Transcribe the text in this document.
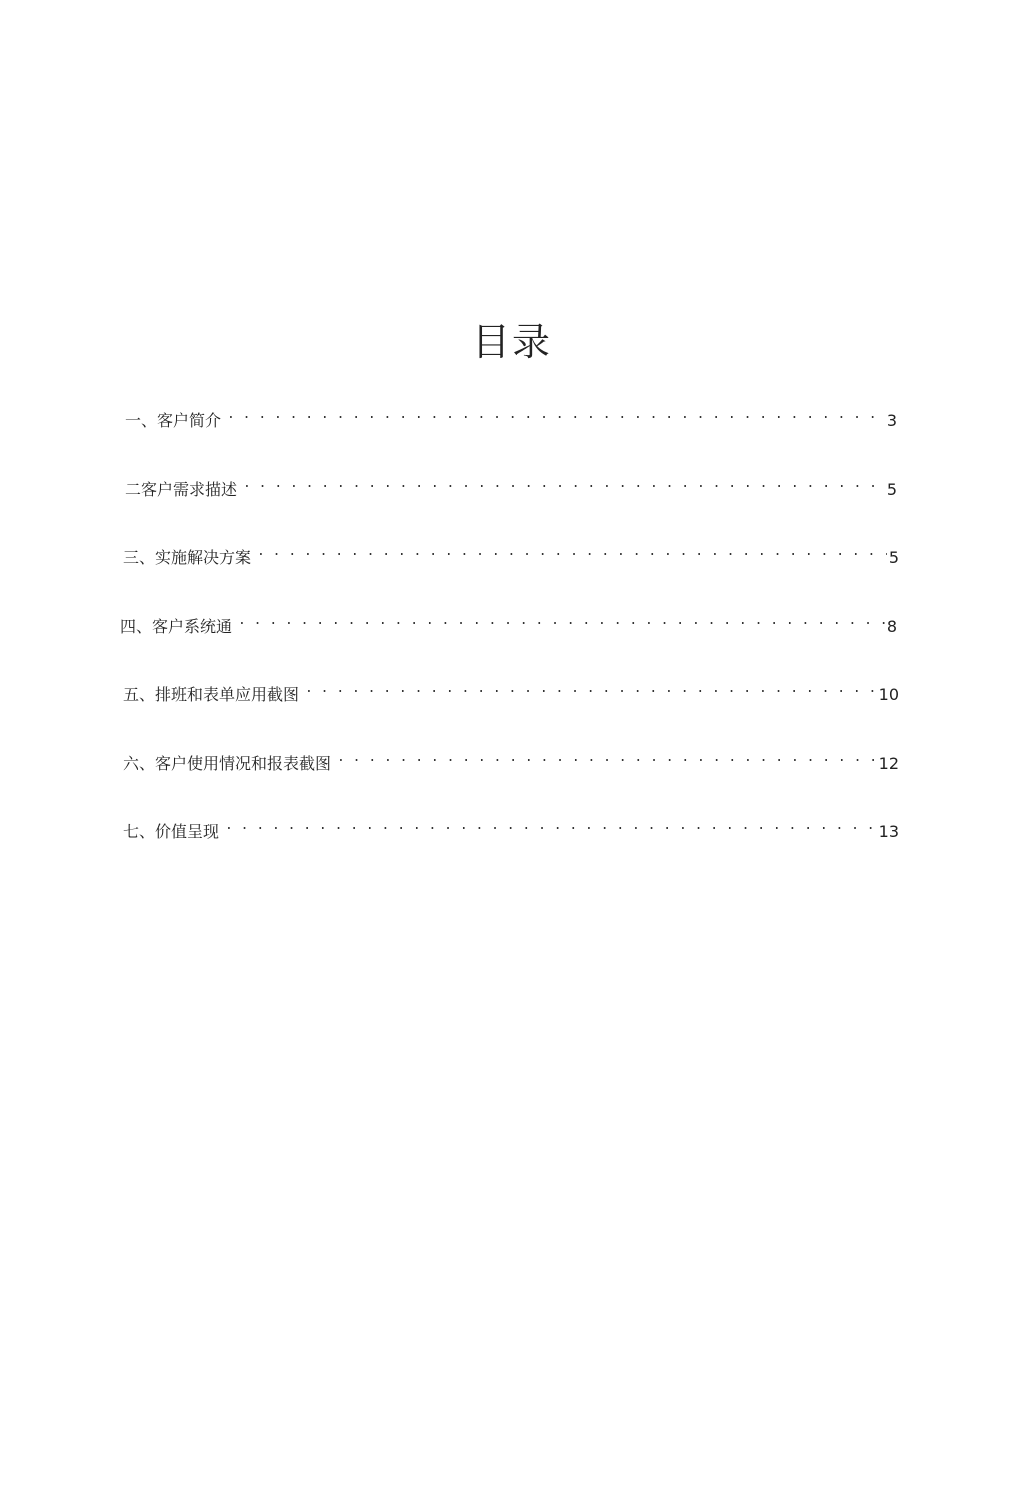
目录
一、客户简介 . . .	3
二客户需求描述 . . .	5
三、实施解决方案 . . .	5
四、客户系统通 . . .	8
五、排班和表单应用截图 . . .	10
六、客户使用情况和报表截图 . . .	12
七、价值呈现 . . .	13
